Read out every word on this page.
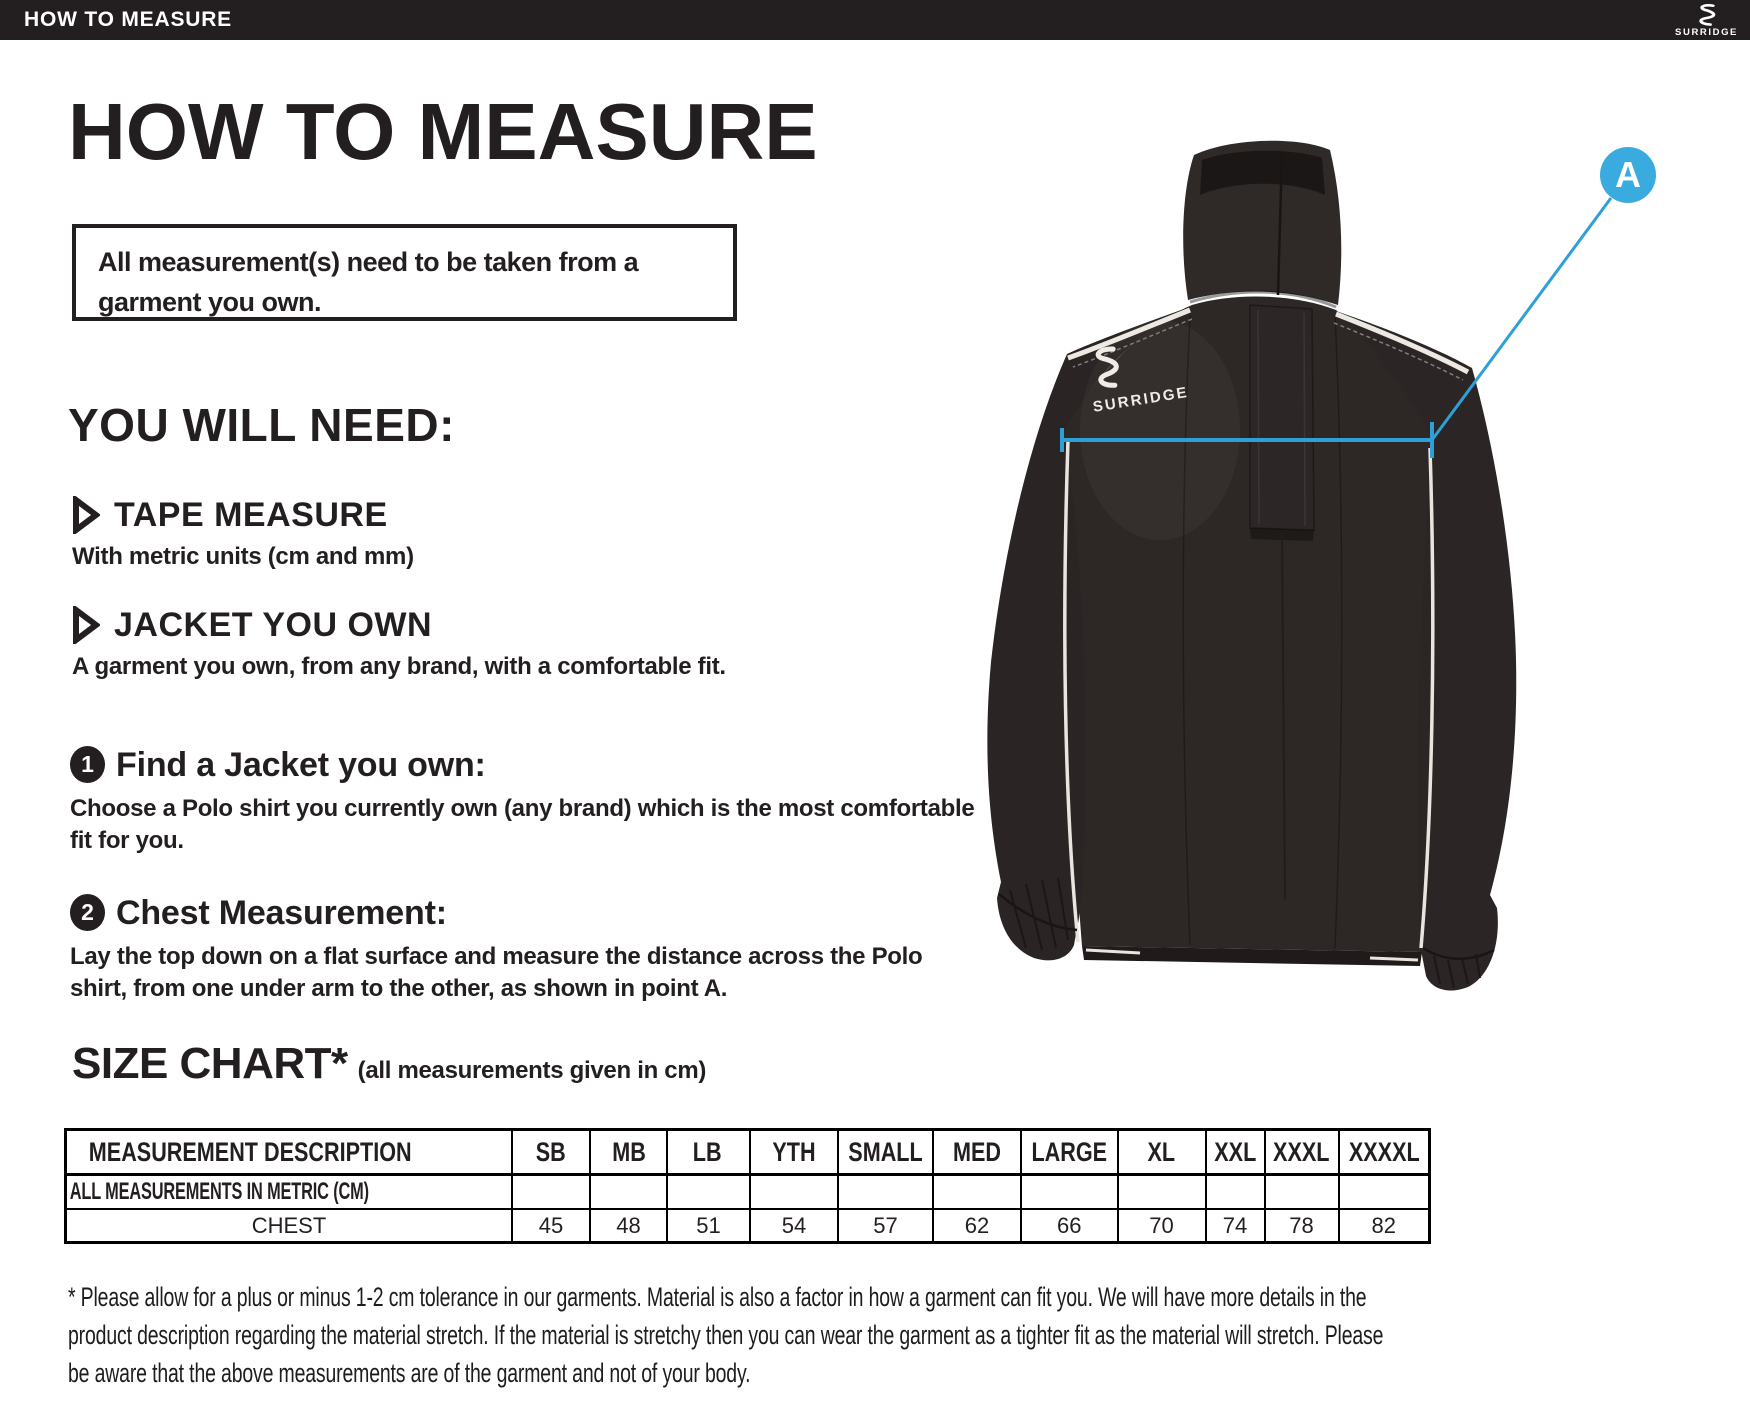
HOW TO MEASURE
SURRIDGE
HOW TO MEASURE
All measurement(s) need to be taken from a garment you own.
YOU WILL NEED:
TAPE MEASURE
With metric units (cm and mm)
JACKET YOU OWN
A garment you own, from any brand, with a comfortable fit.
1 Find a Jacket you own:
Choose a Polo shirt you currently own (any brand) which is the most comfortable fit for you.
2 Chest Measurement:
Lay the top down on a flat surface and measure the distance across the Polo shirt, from one under arm to the other, as shown in point A.
SIZE CHART* (all measurements given in cm)
MEASUREMENT DESCRIPTION	SB	MB	LB	YTH	SMALL	MED	LARGE	XL	XXL	XXXL	XXXXL
ALL MEASUREMENTS IN METRIC (CM)											
CHEST	45	48	51	54	57	62	66	70	74	78	82

* Please allow for a plus or minus 1-2 cm tolerance in our garments. Material is also a factor in how a garment can fit you. We will have more details in the product description regarding the material stretch. If the material is stretchy then you can wear the garment as a tighter fit as the material will stretch. Please be aware that the above measurements are of the garment and not of your body.

SURRIDGE
A
